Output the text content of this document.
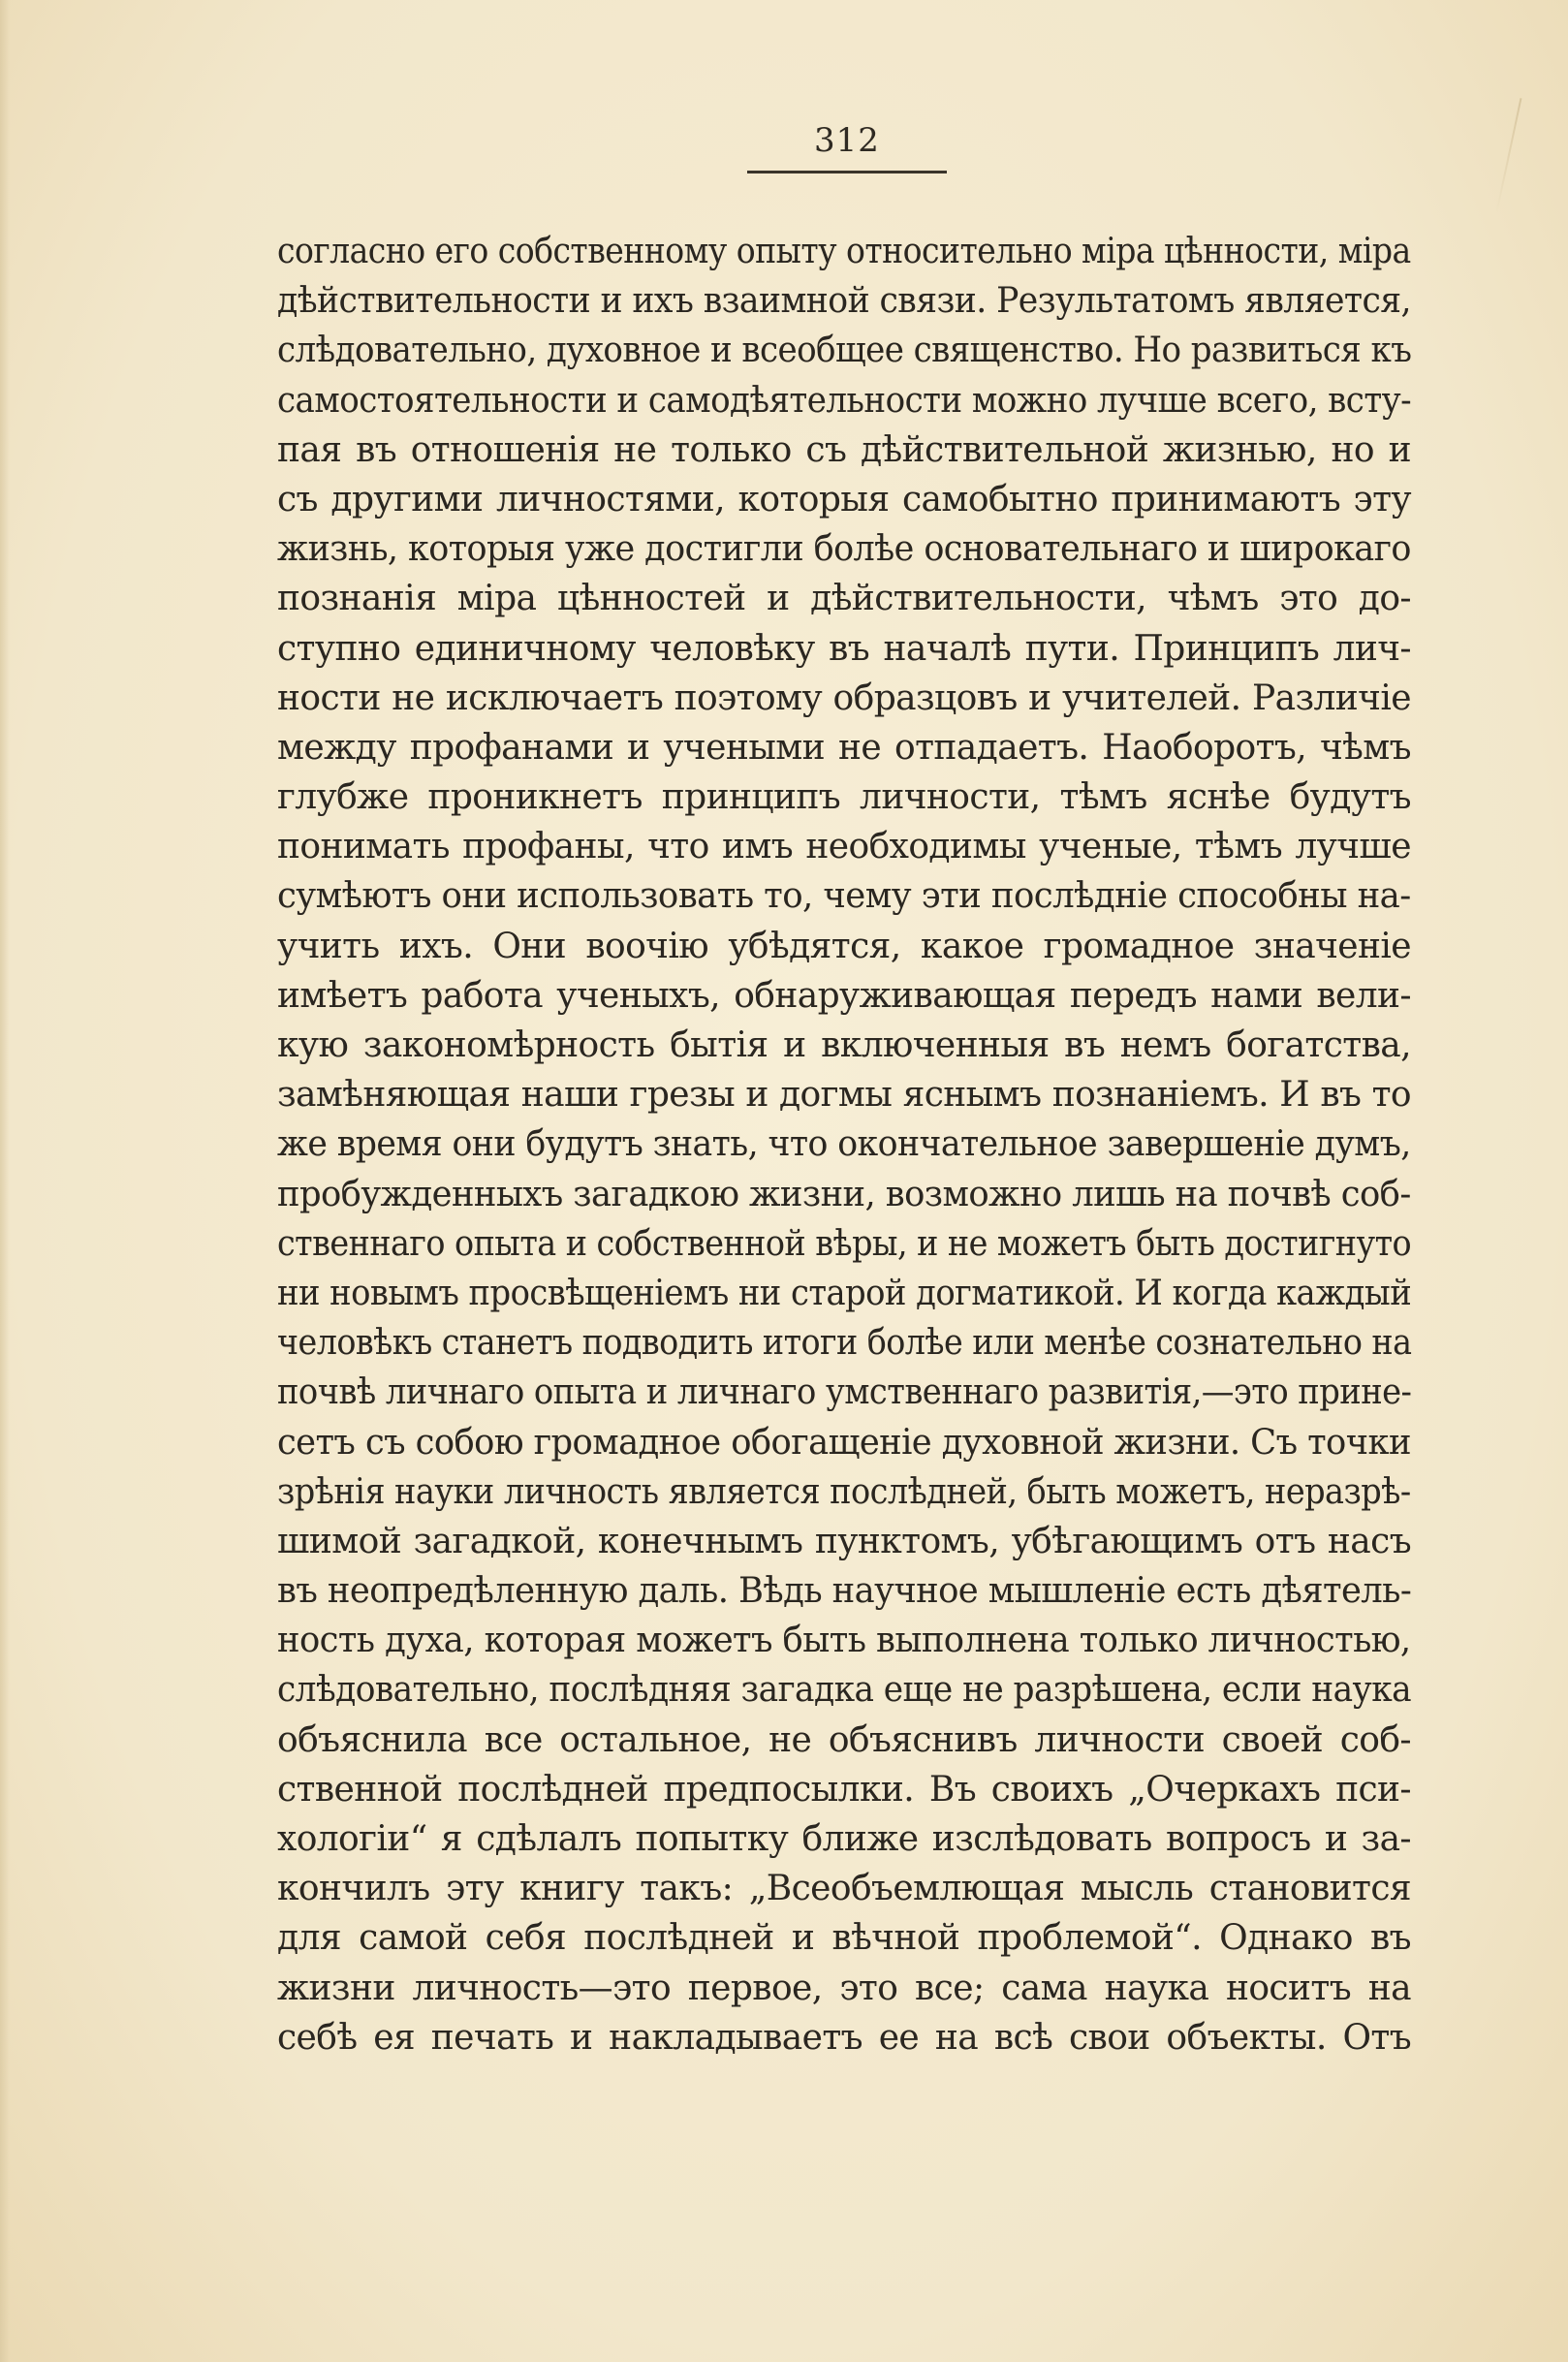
312
согласно его собственному опыту относительно міра цѣнности, міра
дѣйствительности и ихъ взаимной связи. Результатомъ является,
слѣдовательно, духовное и всеобщее священство. Но развиться къ
самостоятельности и самодѣятельности можно лучше всего, всту-
пая въ отношенія не только съ дѣйствительной жизнью, но и
съ другими личностями, которыя самобытно принимаютъ эту
жизнь, которыя уже достигли болѣе основательнаго и широкаго
познанія міра цѣнностей и дѣйствительности, чѣмъ это до-
ступно единичному человѣку въ началѣ пути. Принципъ лич-
ности не исключаетъ поэтому образцовъ и учителей. Различіе
между профанами и учеными не отпадаетъ. Наоборотъ, чѣмъ
глубже проникнетъ принципъ личности, тѣмъ яснѣе будутъ
понимать профаны, что имъ необходимы ученые, тѣмъ лучше
сумѣютъ они использовать то, чему эти послѣдніе способны на-
учить ихъ. Они воочію убѣдятся, какое громадное значеніе
имѣетъ работа ученыхъ, обнаруживающая передъ нами вели-
кую закономѣрность бытія и включенныя въ немъ богатства,
замѣняющая наши грезы и догмы яснымъ познаніемъ. И въ то
же время они будутъ знать, что окончательное завершеніе думъ,
пробужденныхъ загадкою жизни, возможно лишь на почвѣ соб-
ственнаго опыта и собственной вѣры, и не можетъ быть достигнуто
ни новымъ просвѣщеніемъ ни старой догматикой. И когда каждый
человѣкъ станетъ подводить итоги болѣе или менѣе сознательно на
почвѣ личнаго опыта и личнаго умственнаго развитія,—это прине-
сетъ съ собою громадное обогащеніе духовной жизни. Съ точки
зрѣнія науки личность является послѣдней, быть можетъ, неразрѣ-
шимой загадкой, конечнымъ пунктомъ, убѣгающимъ отъ насъ
въ неопредѣленную даль. Вѣдь научное мышленіе есть дѣятель-
ность духа, которая можетъ быть выполнена только личностью,
слѣдовательно, послѣдняя загадка еще не разрѣшена, если наука
объяснила все остальное, не объяснивъ личности своей соб-
ственной послѣдней предпосылки. Въ своихъ „Очеркахъ пси-
хологіи“ я сдѣлалъ попытку ближе изслѣдовать вопросъ и за-
кончилъ эту книгу такъ: „Всеобъемлющая мысль становится
для самой себя послѣдней и вѣчной проблемой“. Однако въ
жизни личность—это первое, это все; сама наука носитъ на
себѣ ея печать и накладываетъ ее на всѣ свои объекты. Отъ
